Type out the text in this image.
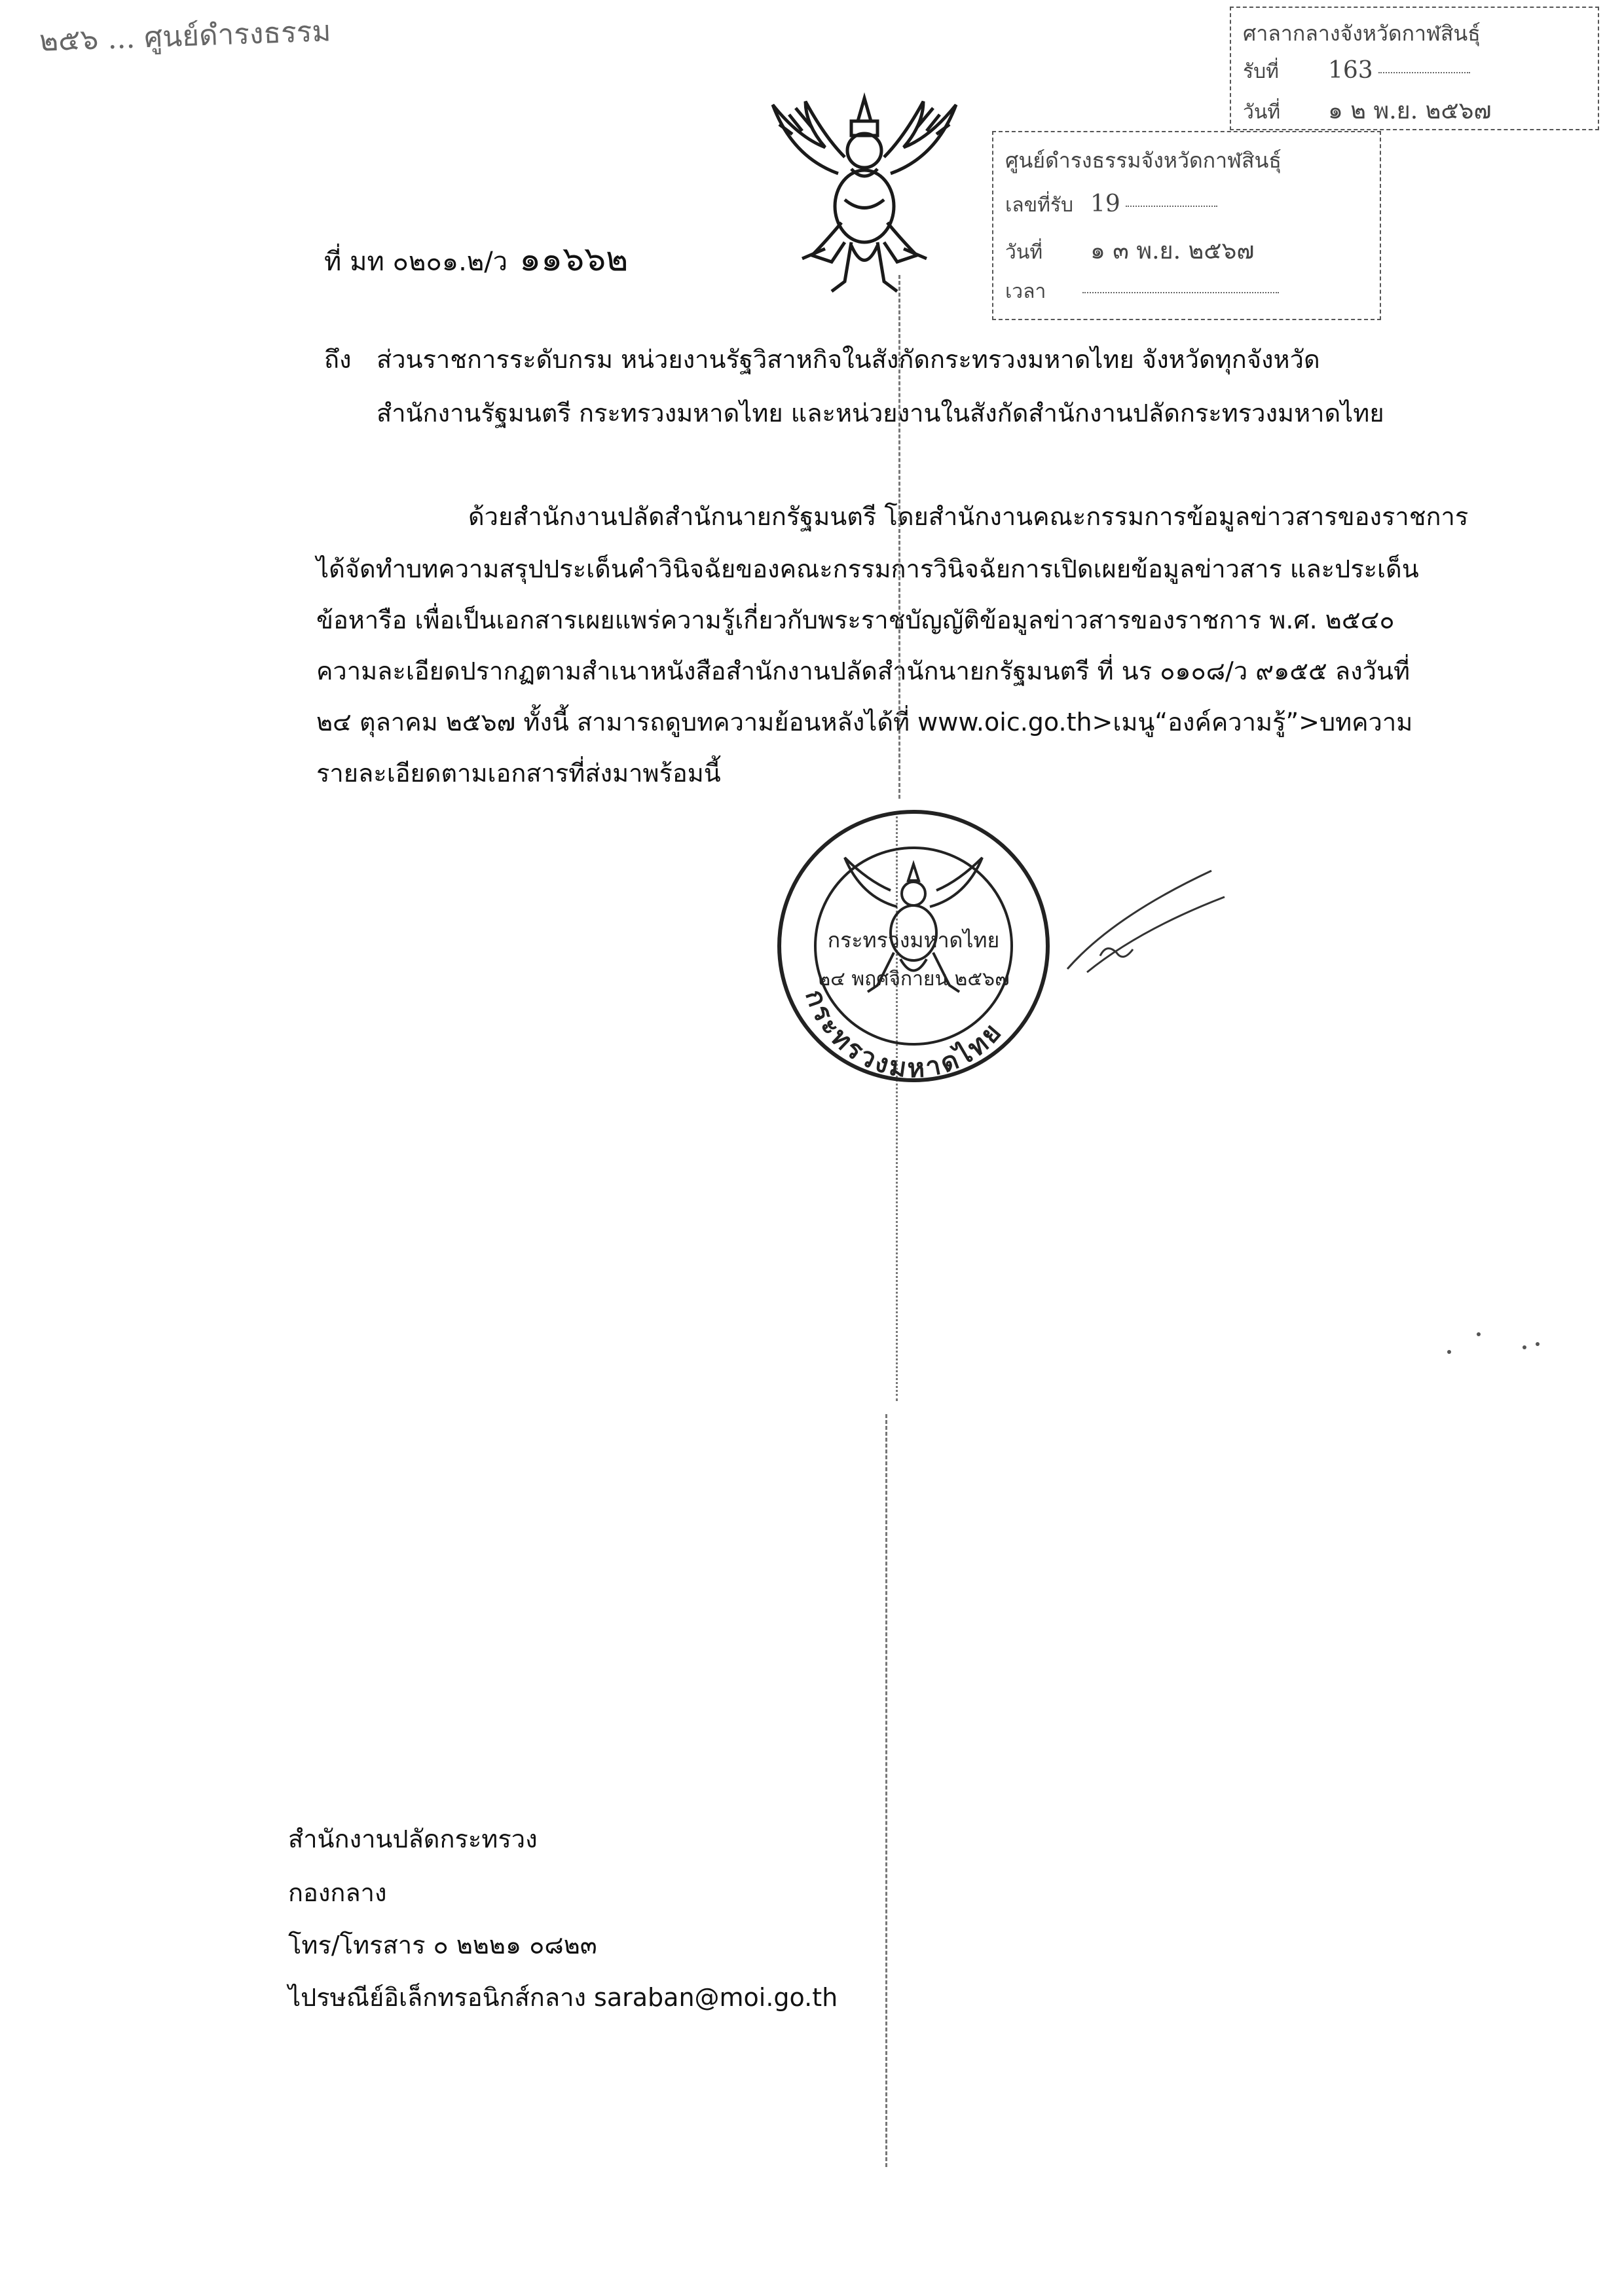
๒๕๖ ... ศูนย์ดำรงธรรม	ศาลากลางจังหวัดกาฬสินธุ์
รับที่ 163
วันที่ ๑ ๒ พ.ย. ๒๕๖๗
ศูนย์ดำรงธรรมจังหวัดกาฬสินธุ์
เลขที่รับ 19
วันที่ ๑ ๓ พ.ย. ๒๕๖๗
เวลา
ที่ มท ๐๒๐๑.๒/ว ๑๑๖๖๒
ถึง ส่วนราชการระดับกรม หน่วยงานรัฐวิสาหกิจในสังกัดกระทรวงมหาดไทย จังหวัดทุกจังหวัด
สำนักงานรัฐมนตรี กระทรวงมหาดไทย และหน่วยงานในสังกัดสำนักงานปลัดกระทรวงมหาดไทย
ด้วยสำนักงานปลัดสำนักนายกรัฐมนตรี โดยสำนักงานคณะกรรมการข้อมูลข่าวสารของราชการ
ได้จัดทำบทความสรุปประเด็นคำวินิจฉัยของคณะกรรมการวินิจฉัยการเปิดเผยข้อมูลข่าวสาร และประเด็น
ข้อหารือ เพื่อเป็นเอกสารเผยแพร่ความรู้เกี่ยวกับพระราชบัญญัติข้อมูลข่าวสารของราชการ พ.ศ. ๒๕๔๐
ความละเอียดปรากฏตามสำเนาหนังสือสำนักงานปลัดสำนักนายกรัฐมนตรี ที่ นร ๐๑๐๘/ว ๙๑๕๕ ลงวันที่
๒๔ ตุลาคม ๒๕๖๗ ทั้งนี้ สามารถดูบทความย้อนหลังได้ที่ www.oic.go.th>เมนู“องค์ความรู้”>บทความ
รายละเอียดตามเอกสารที่ส่งมาพร้อมนี้
กระทรวงมหาดไทย
๒๔ พฤศจิกายน ๒๕๖๗
กระทรวงมหาดไทย
สำนักงานปลัดกระทรวง
กองกลาง
โทร/โทรสาร ๐ ๒๒๒๑ ๐๘๒๓
ไปรษณีย์อิเล็กทรอนิกส์กลาง saraban@moi.go.th
